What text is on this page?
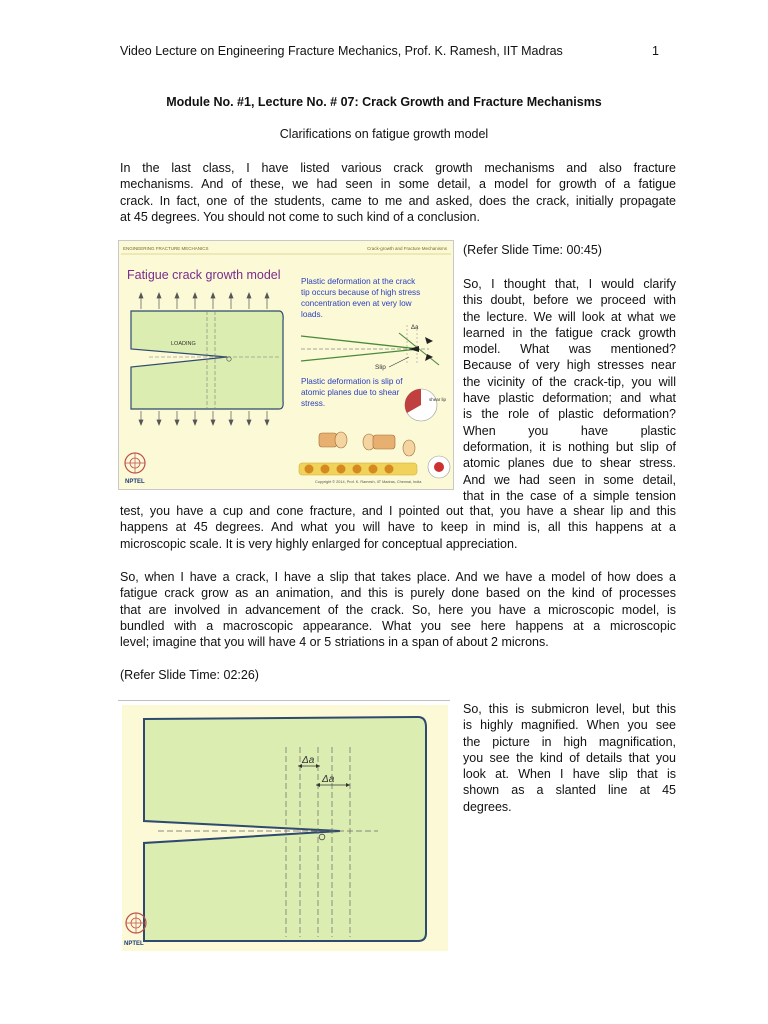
Video Lecture on Engineering Fracture Mechanics, Prof. K. Ramesh, IIT Madras	1
Module No. #1, Lecture No. # 07: Crack Growth and Fracture Mechanisms
Clarifications on fatigue growth model

In the last class, I have listed various crack growth mechanisms and also fracture
mechanisms. And of these, we had seen in some detail, a model for growth of a fatigue
crack. In fact, one of the students, came to me and asked, does the crack, initially propagate
at 45 degrees. You should not come to such kind of a conclusion.

ENGINEERING FRACTURE MECHANICS	Crack-growth and Fracture Mechanisms
Fatigue crack growth model
LOADING
Plastic deformation at the crack
tip occurs because of high stress
concentration even at very low
loads.
Δa
Slip
Plastic deformation is slip of
atomic planes due to shear
stress.	shear lip
Copyright © 2014, Prof. K. Ramesh, IIT Madras, Chennai, India
NPTEL
(Refer Slide Time: 00:45)

So, I thought that, I would clarify
this doubt, before we proceed with
the lecture. We will look at what we
learned in the fatigue crack growth
model. What was mentioned?
Because of very high stresses near
the vicinity of the crack-tip, you will
have plastic deformation; and what
is the role of plastic deformation?
When you have plastic
deformation, it is nothing but slip of
atomic planes due to shear stress.
And we had seen in some detail,
that in the case of a simple tension

test, you have a cup and cone fracture, and I pointed out that, you have a shear lip and this
happens at 45 degrees. And what you will have to keep in mind is, all this happens at a
microscopic scale. It is very highly enlarged for conceptual appreciation.

So, when I have a crack, I have a slip that takes place. And we have a model of how does a
fatigue crack grow as an animation, and this is purely done based on the kind of processes
that are involved in advancement of the crack. So, here you have a microscopic model, is
bundled with a macroscopic appearance. What you see here happens at a microscopic
level; imagine that you will have 4 or 5 striations in a span of about 2 microns.

(Refer Slide Time: 02:26)
Δa
Δa
NPTEL

So, this is submicron level, but this
is highly magnified. When you see
the picture in high magnification,
you see the kind of details that you
look at. When I have slip that is
shown as a slanted line at 45
degrees.
